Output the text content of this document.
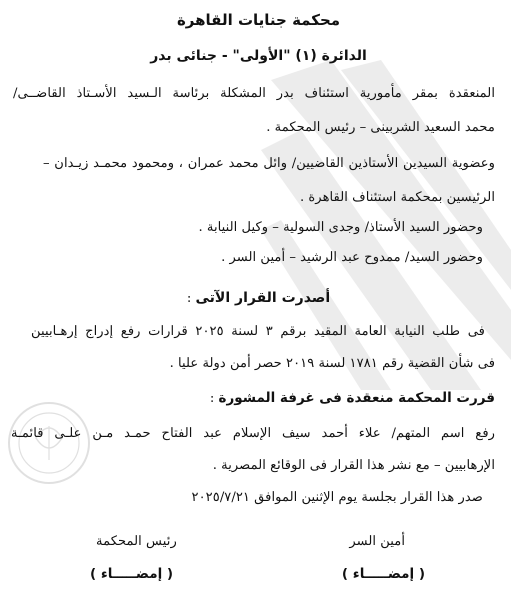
محكمة جنايات القاهرة
الدائرة (١) "الأولى" - جنائى بدر
المنعقدة بمقر مأمورية استئناف بدر المشكلة برئاسة الـسيد الأسـتاذ القاضــى/
محمد السعيد الشربينى – رئيس المحكمة .
وعضوية السيدين الأستاذين القاضيين/ وائل محمد عمران ، ومحمود محمـد زيـدان –
الرئيسين بمحكمة استئناف القاهرة .
وحضور السيد الأستاذ/ وجدى السولية – وكيل النيابة .
وحضور السيد/ ممدوح عبد الرشيد – أمين السر .
أصدرت القرار الآتى :
فى طلب النيابة العامة المقيد برقم ٣ لسنة ٢٠٢٥ قرارات رفع إدراج إرهـابيين
فى شأن القضية رقم ١٧٨١ لسنة ٢٠١٩ حصر أمن دولة عليا .
قررت المحكمة منعقدة فى غرفة المشورة :
رفع اسم المتهم/ علاء أحمد سيف الإسلام عبد الفتاح حمـد مـن علـى قائمـة
الإرهابيين – مع نشر هذا القرار فى الوقائع المصرية .
صدر هذا القرار بجلسة يوم الإثنين الموافق ٢٠٢٥/٧/٢١
أمين السر
رئيس المحكمة
( إمضـــــاء )
( إمضـــــاء )
